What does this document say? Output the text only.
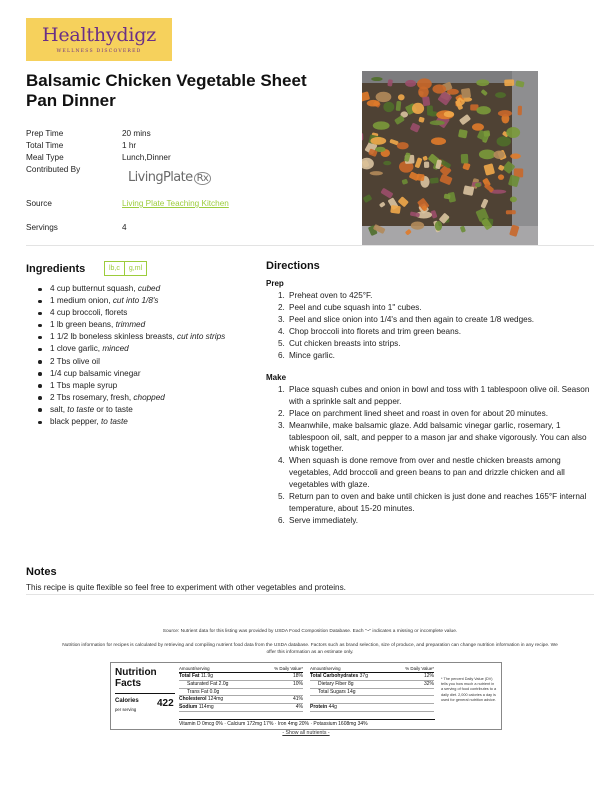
Healthydigz
WELLNESS DISCOVERED
Balsamic Chicken Vegetable Sheet Pan Dinner
Prep Time	20 mins
Total Time	1 hr
Meal Type	Lunch,Dinner
Contributed By
LivingPlate Rx
Source	Living Plate Teaching Kitchen
Servings	4
Ingredients	lb,c	g,ml
4 cup butternut squash, cubed
1 medium onion, cut into 1/8's
4 cup broccoli, florets
1 lb green beans, trimmed
1 1/2 lb boneless skinless breasts, cut into strips
1 clove garlic, minced
2 Tbs olive oil
1/4 cup balsamic vinegar
1 Tbs maple syrup
2 Tbs rosemary, fresh, chopped
salt, to taste or to taste
black pepper, to taste
Directions
Prep
1. Preheat oven to 425°F.
2. Peel and cube squash into 1" cubes.
3. Peel and slice onion into 1/4's and then again to create 1/8 wedges.
4. Chop broccoli into florets and trim green beans.
5. Cut chicken breasts into strips.
6. Mince garlic.
Make
1. Place squash cubes and onion in bowl and toss with 1 tablespoon olive oil. Season with a sprinkle salt and pepper.
2. Place on parchment lined sheet and roast in oven for about 20 minutes.
3. Meanwhile, make balsamic glaze. Add balsamic vinegar garlic, rosemary, 1 tablespoon oil, salt, and pepper to a mason jar and shake vigorously. You can also whisk together.
4. When squash is done remove from over and nestle chicken breasts among vegetables, Add broccoli and green beans to pan and drizzle chicken and all vegetables with glaze.
5. Return pan to oven and bake until chicken is just done and reaches 165°F internal temperature, about 15-20 minutes.
6. Serve immediately.
Notes

This recipe is quite flexible so feel free to experiment with other vegetables and proteins.

Source: Nutrient data for this listing was provided by USDA Food Composition Database. Each "~" indicates a missing or incomplete value.

Nutrition information for recipes is calculated by retrieving and compiling nutrient food data from the USDA database. Factors such as brand selection, size of produce, and preparation can change nutrition information in any recipe. We offer this information as an estimate only.

Nutrition Facts
Calories
per serving
422
Amount/serving	% Daily Value*
Total Fat 11.9g	18%
Saturated Fat 2.0g	10%
Trans Fat 0.0g
Cholesterol 124mg	41%
Sodium 114mg	4%
Amount/serving	% Daily Value*
Total Carbohydrates 37g	12%
Dietary Fiber 8g	32%
Total Sugars 14g

Protein 44g
Vitamin D 0mcg 0% · Calcium 172mg 17% · Iron 4mg 20% · Potassium 1608mg 34%
* The percent Daily Value (DV) tells you how much a nutrient in a serving of food contributes to a daily diet. 2,000 calories a day is used for general nutrition advice.
- Show all nutrients -
